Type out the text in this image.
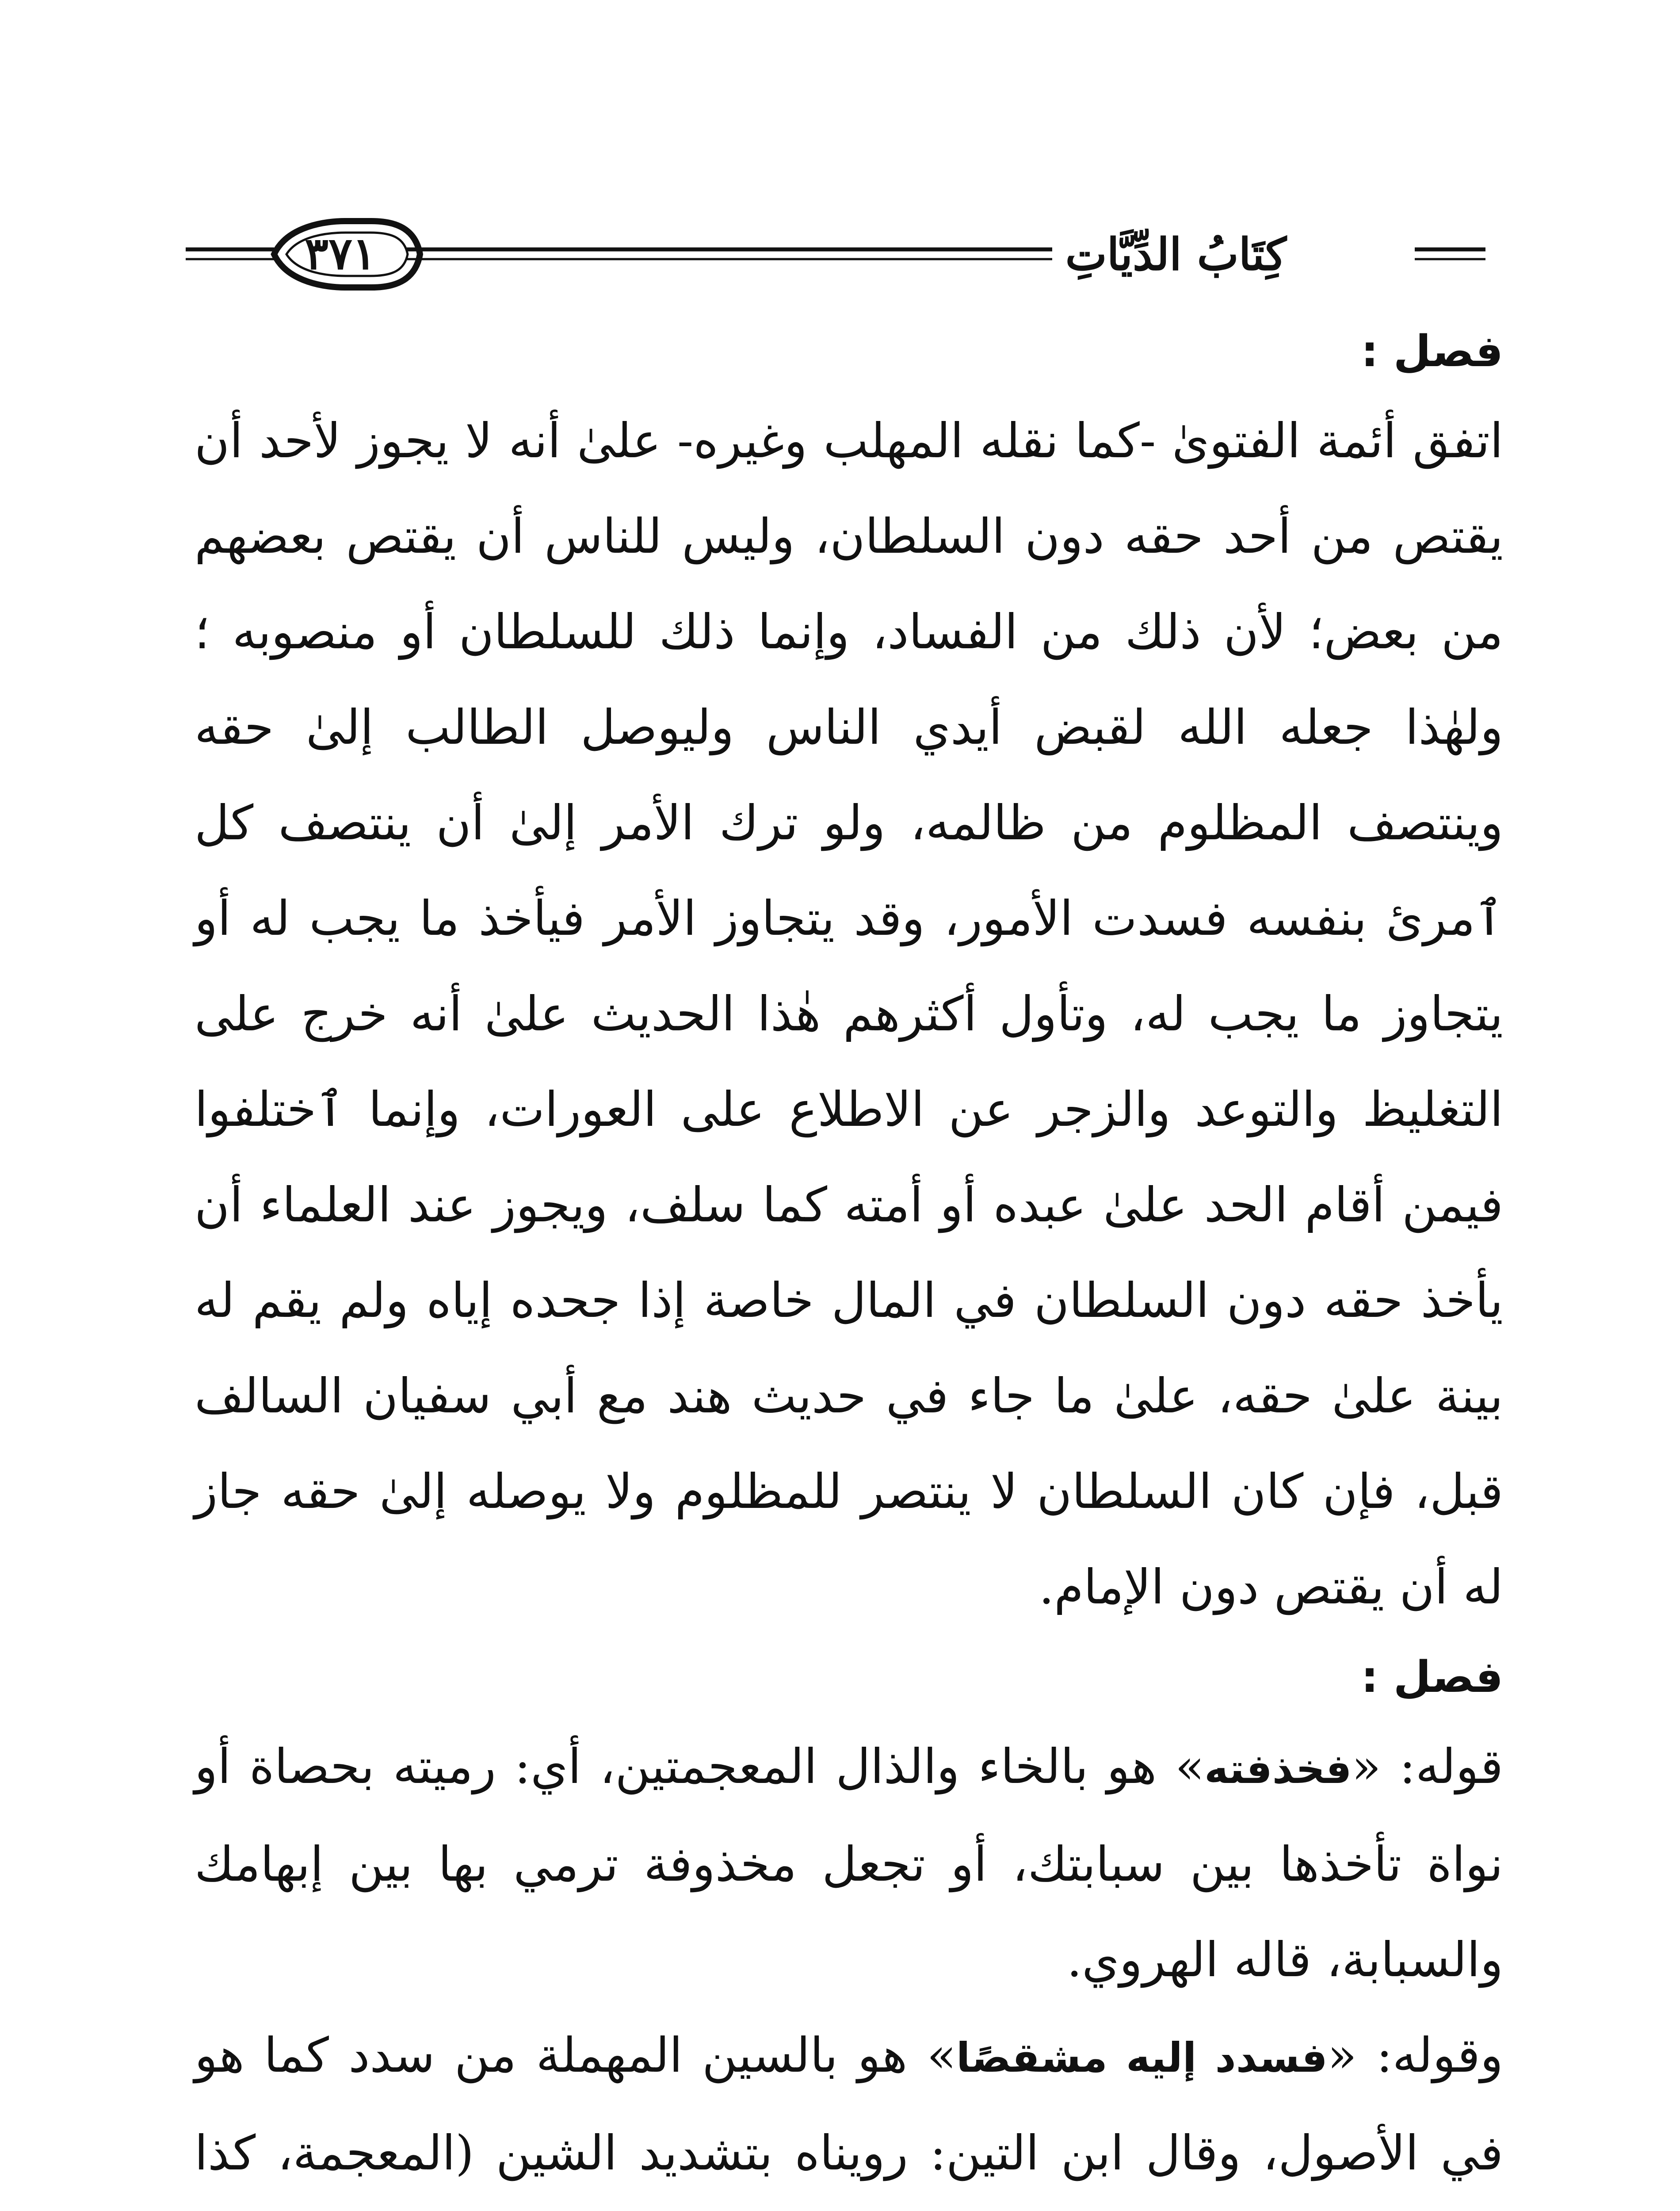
كِتَابُ الدِّيَّاتِ
٣٧١
فصل :

اتفق أئمة الفتوىٰ -كما نقله المهلب وغيره- علىٰ أنه لا يجوز لأحد أن يقتص من أحد حقه دون السلطان، وليس للناس أن يقتص بعضهم من بعض؛ لأن ذلك من الفساد، وإنما ذلك للسلطان أو منصوبه ؛ولهٰذا جعله الله لقبض أيدي الناس وليوصل الطالب إلىٰ حقه وينتصف المظلوم من ظالمه، ولو ترك الأمر إلىٰ أن ينتصف كل ٱمرئ بنفسه فسدت الأمور، وقد يتجاوز الأمر فيأخذ ما يجب له أو يتجاوز ما يجب له، وتأول أكثرهم هٰذا الحديث علىٰ أنه خرج على التغليظ والتوعد والزجر عن الاطلاع على العورات، وإنما ٱختلفوا فيمن أقام الحد علىٰ عبده أو أمته كما سلف، ويجوز عند العلماء أن يأخذ حقه دون السلطان في المال خاصة إذا جحده إياه ولم يقم له بينة علىٰ حقه، علىٰ ما جاء في حديث هند مع أبي سفيان السالف قبل، فإن كان السلطان لا ينتصر للمظلوم ولا يوصله إلىٰ حقه جاز له أن يقتص دون الإمام.

فصل :

قوله: «فخذفته» هو بالخاء والذال المعجمتين، أي: رميته بحصاة أو نواة تأخذها بين سبابتك، أو تجعل مخذوفة ترمي بها بين إبهامك والسبابة، قاله الهروي.

وقوله: «فسدد إليه مشقصًا» هو بالسين المهملة من سدد كما هو في الأصول، وقال ابن التين: رويناه بتشديد الشين (المعجمة، كذا
